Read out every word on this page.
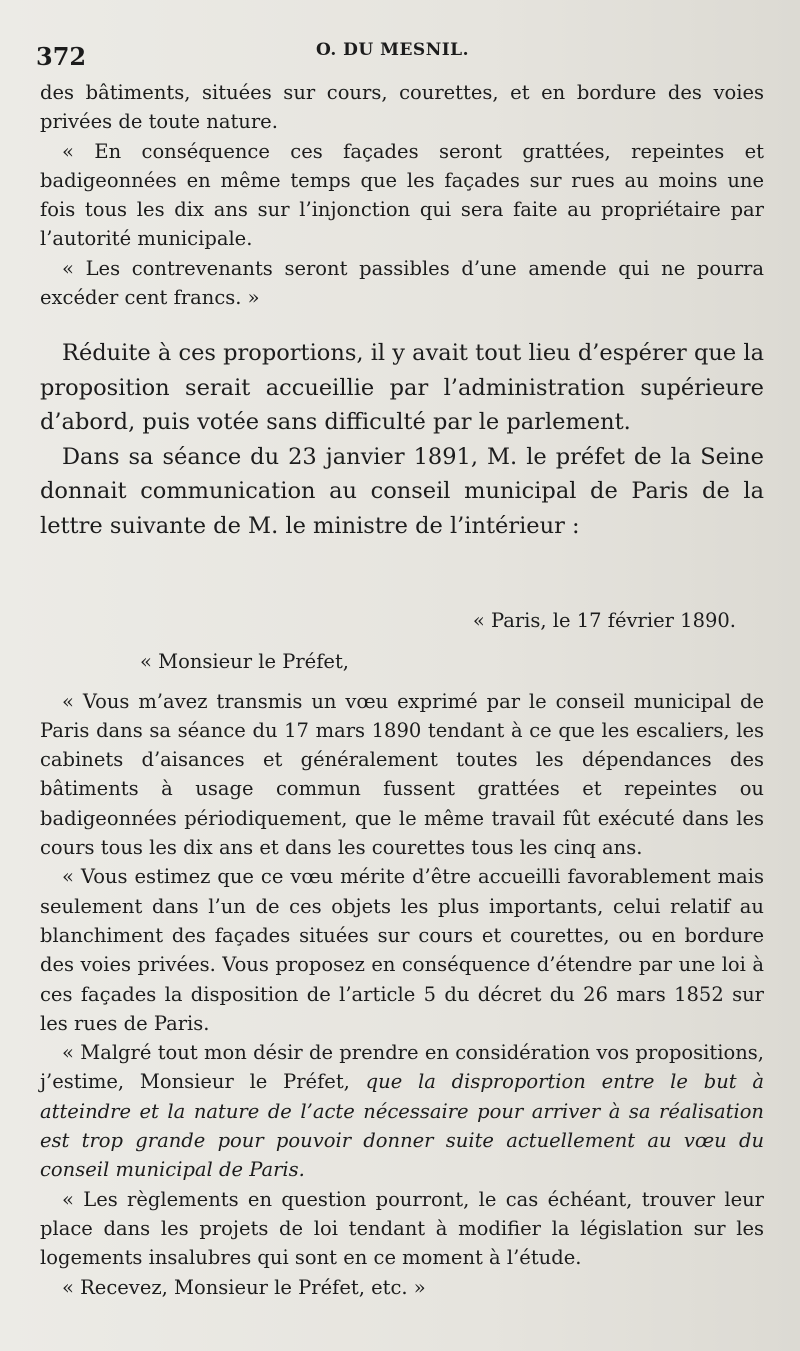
372	O. DU MESNIL.

des bâtiments, situées sur cours, courettes, et en bordure des voies privées de toute nature.

« En conséquence ces façades seront grattées, repeintes et badigeonnées en même temps que les façades sur rues au moins une fois tous les dix ans sur l’injonction qui sera faite au propriétaire par l’autorité municipale.

« Les contrevenants seront passibles d’une amende qui ne pourra excéder cent francs. »

Réduite à ces proportions, il y avait tout lieu d’espérer que la proposition serait accueillie par l’administration supérieure d’abord, puis votée sans difficulté par le parlement.

Dans sa séance du 23 janvier 1891, M. le préfet de la Seine donnait communication au conseil municipal de Paris de la lettre suivante de M. le ministre de l’intérieur :

« Paris, le 17 février 1890.

« Monsieur le Préfet,

« Vous m’avez transmis un vœu exprimé par le conseil municipal de Paris dans sa séance du 17 mars 1890 tendant à ce que les escaliers, les cabinets d’aisances et généralement toutes les dépendances des bâtiments à usage commun fussent grattées et repeintes ou badigeonnées périodiquement, que le même travail fût exécuté dans les cours tous les dix ans et dans les courettes tous les cinq ans.

« Vous estimez que ce vœu mérite d’être accueilli favorablement mais seulement dans l’un de ces objets les plus importants, celui relatif au blanchiment des façades situées sur cours et courettes, ou en bordure des voies privées. Vous proposez en conséquence d’étendre par une loi à ces façades la disposition de l’article 5 du décret du 26 mars 1852 sur les rues de Paris.

« Malgré tout mon désir de prendre en considération vos propositions, j’estime, Monsieur le Préfet, que la disproportion entre le but à atteindre et la nature de l’acte nécessaire pour arriver à sa réalisation est trop grande pour pouvoir donner suite actuellement au vœu du conseil municipal de Paris.

« Les règlements en question pourront, le cas échéant, trouver leur place dans les projets de loi tendant à modifier la législation sur les logements insalubres qui sont en ce moment à l’étude.

« Recevez, Monsieur le Préfet, etc. »
